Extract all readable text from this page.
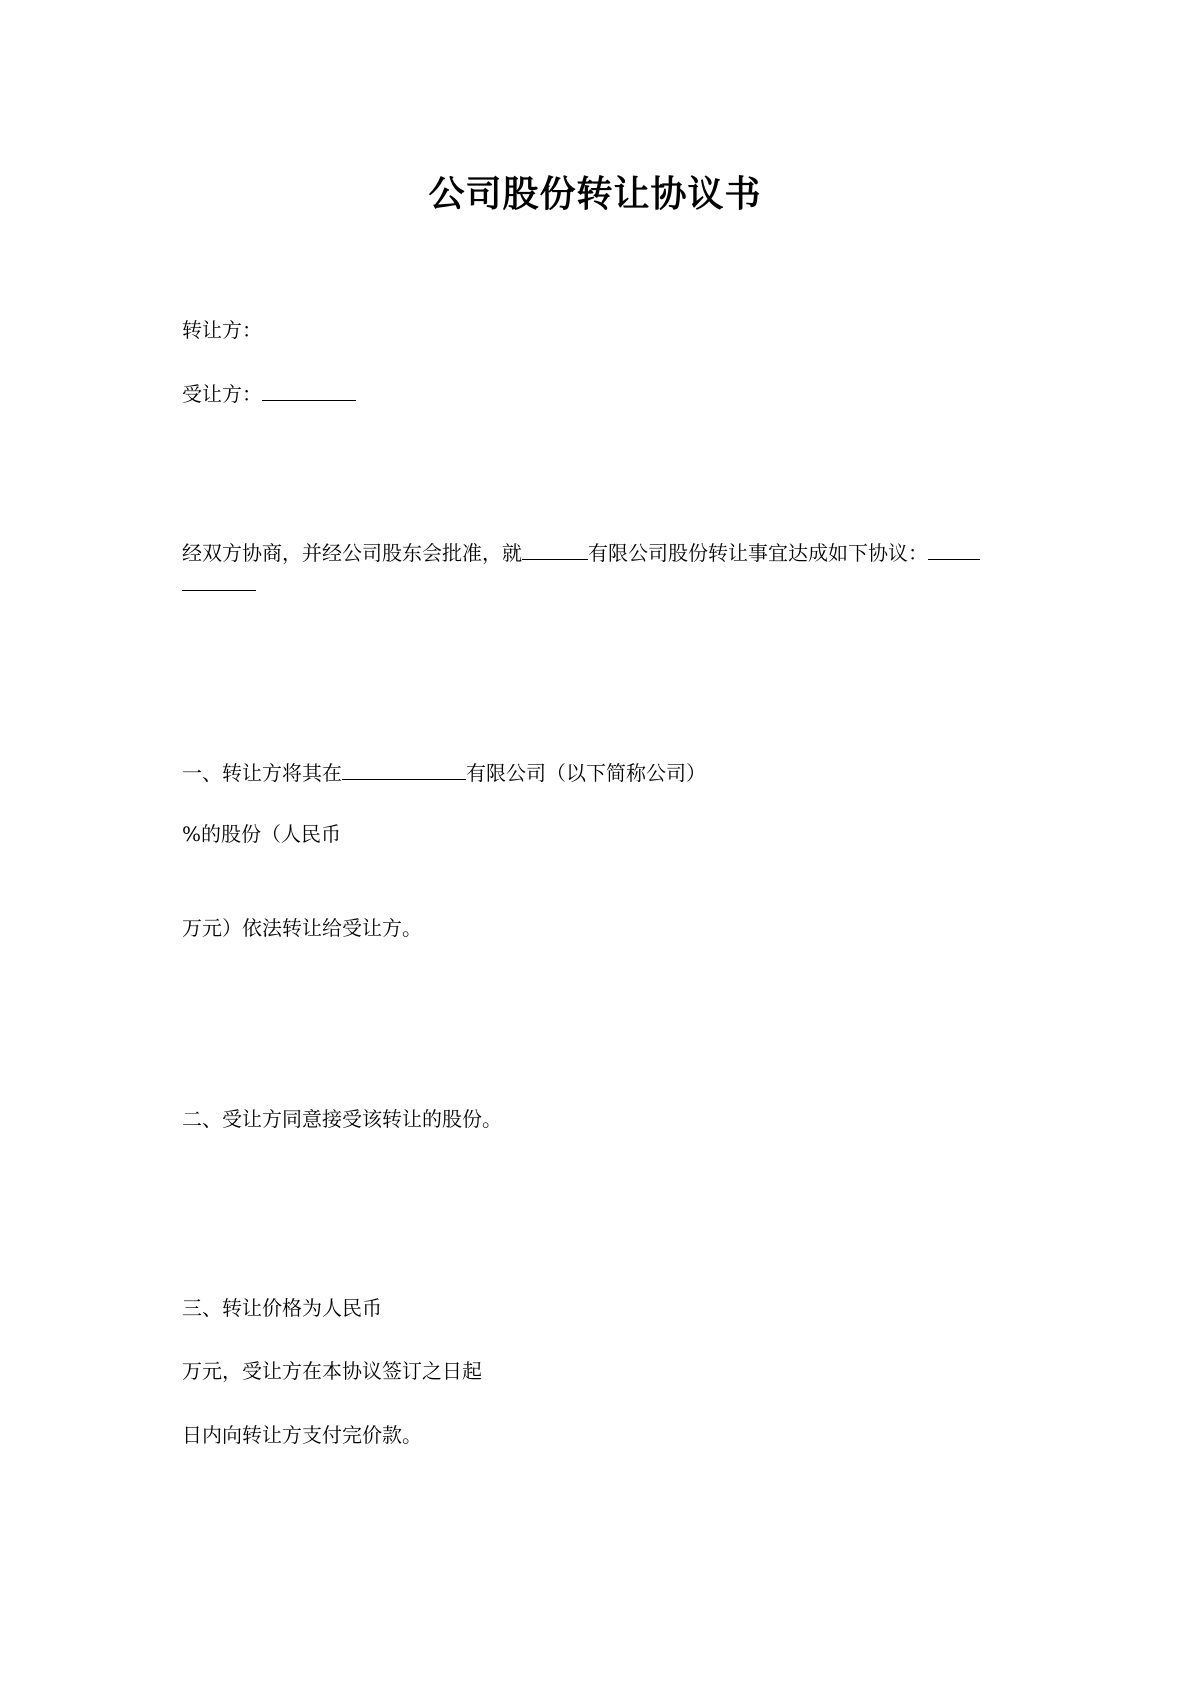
公司股份转让协议书

转让方：

受让方：

经双方协商，并经公司股东会批准，就	有限公司股份转让事宜达成如下协议：

一、转让方将其在	有限公司（以下简称公司）

%的股份（人民币

万元）依法转让给受让方。

二、受让方同意接受该转让的股份。

三、转让价格为人民币

万元，受让方在本协议签订之日起

日内向转让方支付完价款。
